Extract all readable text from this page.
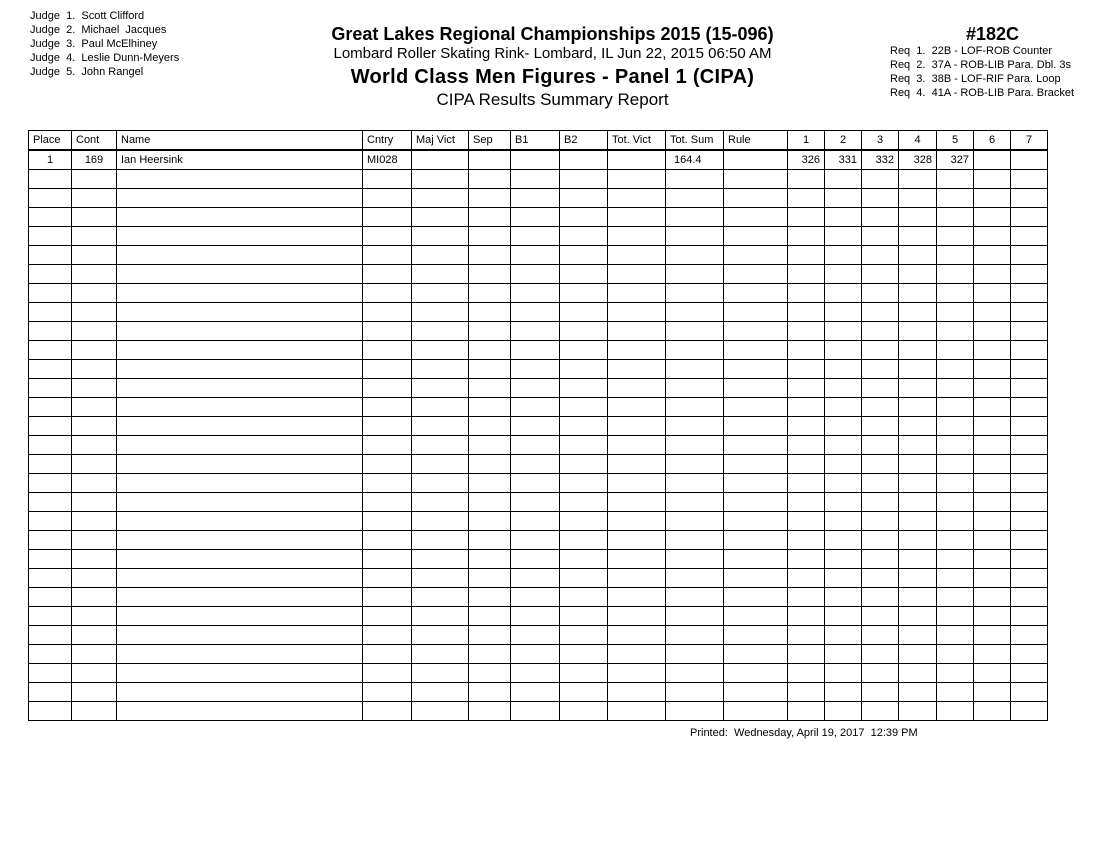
Judge  1. Scott Clifford
Judge  2. Michael  Jacques
Judge  3. Paul McElhiney
Judge  4. Leslie Dunn-Meyers
Judge  5. John Rangel
Great Lakes Regional Championships 2015 (15-096)
Lombard Roller Skating Rink- Lombard, IL Jun 22, 2015 06:50 AM
World Class Men Figures - Panel 1 (CIPA)
CIPA Results Summary Report
#182C
Req  1. 22B - LOF-ROB Counter
Req  2. 37A - ROB-LIB Para. Dbl. 3s
Req  3. 38B - LOF-RIF Para. Loop
Req  4. 41A - ROB-LIB Para. Bracket
Place	Cont	Name	Cntry	Maj Vict	Sep	B1	B2	Tot. Vict	Tot. Sum	Rule	1	2	3	4	5	6	7
1	169	Ian Heersink	MI028						164.4		326	331	332	328	327		

Printed:  Wednesday, April 19, 2017  12:39 PM
